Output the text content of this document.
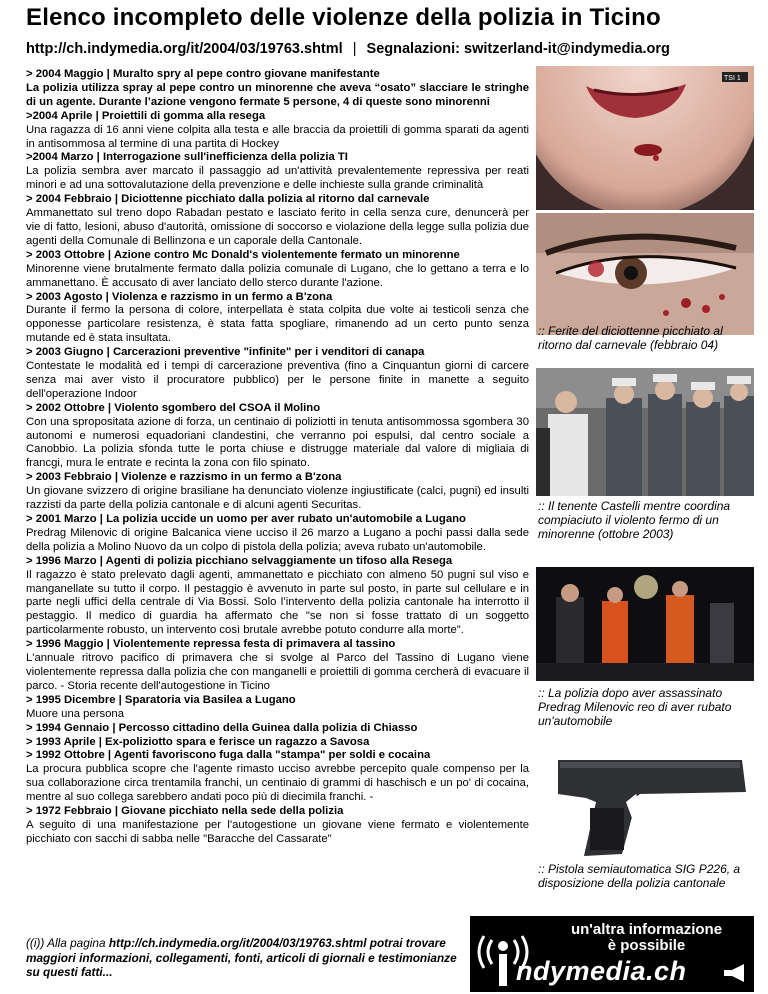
Elenco incompleto delle violenze della polizia in Ticino
http://ch.indymedia.org/it/2004/03/19763.shtml | Segnalazioni: switzerland-it@indymedia.org

> 2004 Maggio | Muralto spry al pepe contro giovane manifestante
La polizia utilizza spray al pepe contro un minorenne che aveva “osato” slacciare le stringhe di un agente. Durante l’azione vengono fermate 5 persone, 4 di queste sono minorenni

>2004 Aprile | Proiettili di gomma alla resega
Una ragazza di 16 anni viene colpita alla testa e alle braccia da proiettili di gomma sparati da agenti in antisommosa al termine di una partita di Hockey

>2004 Marzo | Interrogazione sull'inefficienza della polizia TI
La polizia sembra aver marcato il passaggio ad un'attività prevalentemente repressiva per reati minori e ad una sottovalutazione della prevenzione e delle inchieste sulla grande criminalità

> 2004 Febbraio | Diciottenne picchiato dalla polizia al ritorno dal carnevale
Ammanettato sul treno dopo Rabadan pestato e lasciato ferito in cella senza cure, denuncerà per vie di fatto, lesioni, abuso d'autorità, omissione di soccorso e violazione della legge sulla polizia due agenti della Comunale di Bellinzona e un caporale della Cantonale.

> 2003 Ottobre | Azione contro Mc Donald's violentemente fermato un minorenne
Minorenne viene brutalmente fermato dalla polizia comunale di Lugano, che lo gettano a terra e lo ammanettano. È accusato di aver lanciato dello sterco durante l'azione.

> 2003 Agosto | Violenza e razzismo in un fermo a B'zona
Durante il fermo la persona di colore, interpellata è stata colpita due volte ai testicoli senza che opponesse particolare resistenza, è stata fatta spogliare, rimanendo ad un certo punto senza mutande ed è stata insultata.

> 2003 Giugno | Carcerazioni preventive "infinite" per i venditori di canapa
Contestate le modalità ed i tempi di carcerazione preventiva (fino a Cinquantun giorni di carcere senza mai aver visto il procuratore pubblico) per le persone finite in manette a seguito dell'operazione Indoor

> 2002 Ottobre | Violento sgombero del CSOA il Molino
Con una spropositata azione di forza, un centinaio di poliziotti in tenuta antisommossa sgombera 30 autonomi e numerosi equadoriani clandestini, che verranno poi espulsi, dal centro sociale a Canobbio. La polizia sfonda tutte le porta chiuse e distrugge materiale dal valore di migliaia di francgi, mura le entrate e recinta la zona con filo spinato.

> 2003 Febbraio | Violenze e razzismo in un fermo a B'zona
Un giovane svizzero di origine brasiliane ha denunciato violenze ingiustificate (calci, pugni) ed insulti razzisti da parte della polizia cantonale e di alcuni agenti Securitas.

> 2001 Marzo | La polizia uccide un uomo per aver rubato un'automobile a Lugano
Predrag Milenovic di origine Balcanica viene ucciso il 26 marzo a Lugano a pochi passi dalla sede della polizia a Molino Nuovo da un colpo di pistola della polizia; aveva rubato un'automobile.

> 1996 Marzo | Agenti di polizia picchiano selvaggiamente un tifoso alla Resega
Il ragazzo è stato prelevato dagli agenti, ammanettato e picchiato con almeno 50 pugni sul viso e manganellate su tutto il corpo. Il pestaggio è avvenuto in parte sul posto, in parte sul cellulare e in parte negli uffici della centrale di Via Bossi. Solo l’intervento della polizia cantonale ha interrotto il pestaggio. Il medico di guardia ha affermato che "se non si fosse trattato di un soggetto particolarmente robusto, un intervento così brutale avrebbe potuto condurre alla morte".

> 1996 Maggio | Violentemente repressa festa di primavera al tassino
L'annuale ritrovo pacifico di primavera che si svolge al Parco del Tassino di Lugano viene violentemente repressa dalla polizia che con manganelli e proiettili di gomma cercherà di evacuare il parco. - Storia recente dell'autogestione in Ticino

> 1995 Dicembre | Sparatoria via Basilea a Lugano
Muore una persona

> 1994 Gennaio | Percosso cittadino della Guinea dalla polizia di Chiasso

> 1993 Aprile | Ex-poliziotto spara e ferisce un ragazzo a Savosa

> 1992 Ottobre | Agenti favoriscono fuga dalla "stampa" per soldi e cocaina
La procura pubblica scopre che l'agente rimasto ucciso avrebbe percepito quale compenso per la sua collaborazione circa trentamila franchi, un centinaio di grammi di haschisch e un po' di cocaina, mentre al suo collega sarebbero andati poco più di diecimila franchi. -

> 1972 Febbraio | Giovane picchiato nella sede della polizia
A seguito di una manifestazione per l'autogestione un giovane viene fermato e violentemente picchiato con sacchi di sabba nelle "Baracche del Cassarate"

TSI 1
:: Ferite del diciottenne picchiato al ritorno dal carnevale (febbraio 04)
:: Il tenente Castelli mentre coordina compiaciuto il violento fermo di un minorenne (ottobre 2003)
:: La polizia dopo aver assassinato Predrag Milenovic reo di aver rubato un'automobile
:: Pistola semiautomatica SIG P226, a disposizione della polizia cantonale
((i)) Alla pagina http://ch.indymedia.org/it/2004/03/19763.shtml potrai trovare maggiori informazioni, collegamenti, fonti, articoli di giornali e testimonianze su questi fatti...
un'altra informazione
è possibile
ndymedia.ch
